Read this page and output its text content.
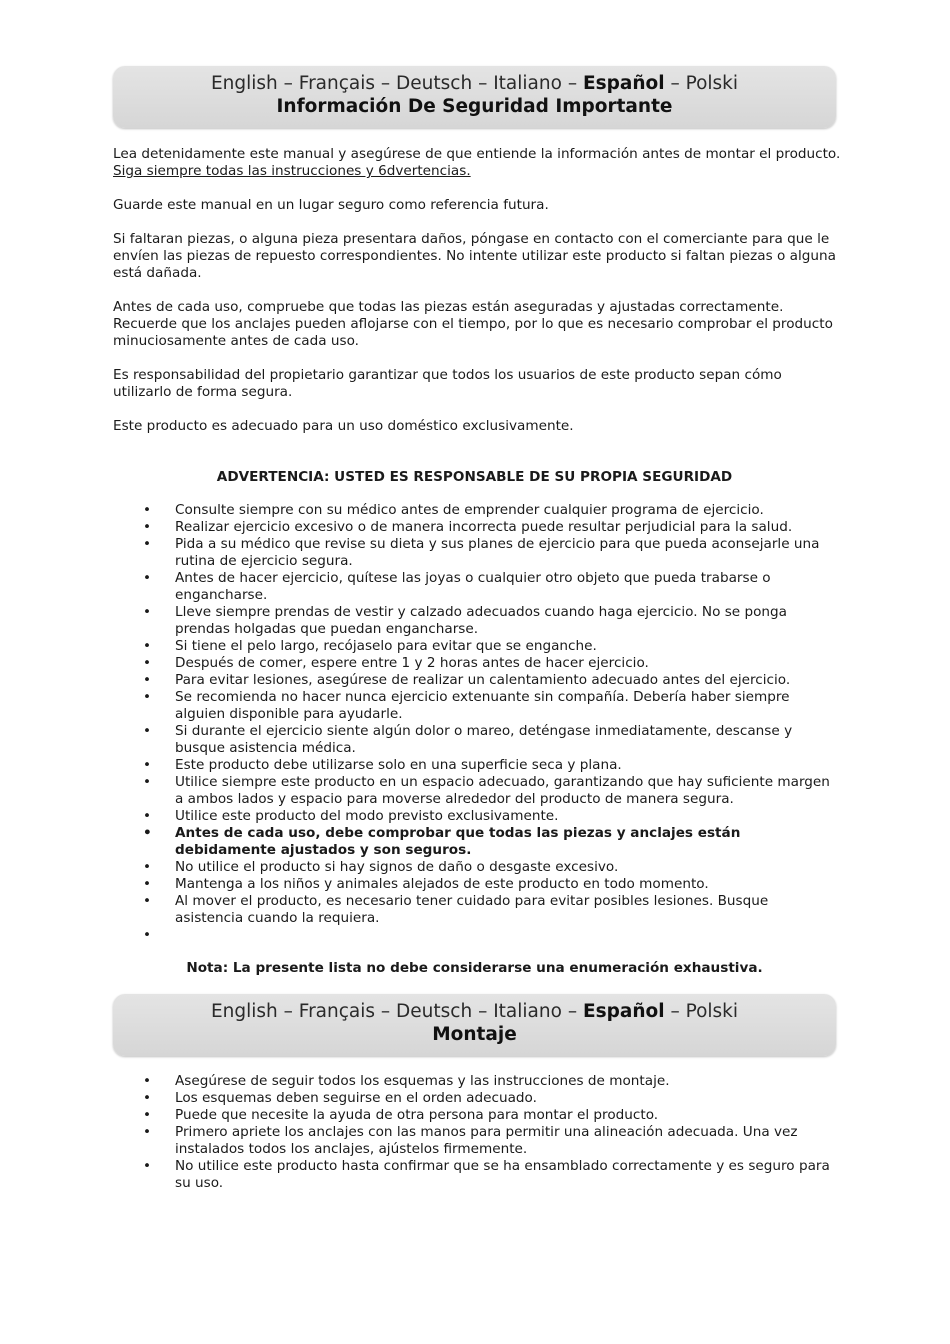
English – Français – Deutsch – Italiano – Español – Polski
Información De Seguridad Importante

Lea detenidamente este manual y asegúrese de que entiende la información antes de montar el producto. Siga siempre todas las instrucciones y 6dvertencias.

Guarde este manual en un lugar seguro como referencia futura.

Si faltaran piezas, o alguna pieza presentara daños, póngase en contacto con el comerciante para que le envíen las piezas de repuesto correspondientes. No intente utilizar este producto si faltan piezas o alguna está dañada.

Antes de cada uso, compruebe que todas las piezas están aseguradas y ajustadas correctamente. Recuerde que los anclajes pueden aflojarse con el tiempo, por lo que es necesario comprobar el producto minuciosamente antes de cada uso.

Es responsabilidad del propietario garantizar que todos los usuarios de este producto sepan cómo utilizarlo de forma segura.

Este producto es adecuado para un uso doméstico exclusivamente.

ADVERTENCIA: USTED ES RESPONSABLE DE SU PROPIA SEGURIDAD

• Consulte siempre con su médico antes de emprender cualquier programa de ejercicio.
• Realizar ejercicio excesivo o de manera incorrecta puede resultar perjudicial para la salud.
• Pida a su médico que revise su dieta y sus planes de ejercicio para que pueda aconsejarle una rutina de ejercicio segura.
• Antes de hacer ejercicio, quítese las joyas o cualquier otro objeto que pueda trabarse o engancharse.
• Lleve siempre prendas de vestir y calzado adecuados cuando haga ejercicio. No se ponga prendas holgadas que puedan engancharse.
• Si tiene el pelo largo, recójaselo para evitar que se enganche.
• Después de comer, espere entre 1 y 2 horas antes de hacer ejercicio.
• Para evitar lesiones, asegúrese de realizar un calentamiento adecuado antes del ejercicio.
• Se recomienda no hacer nunca ejercicio extenuante sin compañía. Debería haber siempre alguien disponible para ayudarle.
• Si durante el ejercicio siente algún dolor o mareo, deténgase inmediatamente, descanse y busque asistencia médica.
• Este producto debe utilizarse solo en una superficie seca y plana.
• Utilice siempre este producto en un espacio adecuado, garantizando que hay suficiente margen a ambos lados y espacio para moverse alrededor del producto de manera segura.
• Utilice este producto del modo previsto exclusivamente.
• Antes de cada uso, debe comprobar que todas las piezas y anclajes están debidamente ajustados y son seguros.
• No utilice el producto si hay signos de daño o desgaste excesivo.
• Mantenga a los niños y animales alejados de este producto en todo momento.
• Al mover el producto, es necesario tener cuidado para evitar posibles lesiones. Busque asistencia cuando la requiera.
•

Nota: La presente lista no debe considerarse una enumeración exhaustiva.

English – Français – Deutsch – Italiano – Español – Polski
Montaje
• Asegúrese de seguir todos los esquemas y las instrucciones de montaje.
• Los esquemas deben seguirse en el orden adecuado.
• Puede que necesite la ayuda de otra persona para montar el producto.
• Primero apriete los anclajes con las manos para permitir una alineación adecuada. Una vez instalados todos los anclajes, ajústelos firmemente.
• No utilice este producto hasta confirmar que se ha ensamblado correctamente y es seguro para su uso.
